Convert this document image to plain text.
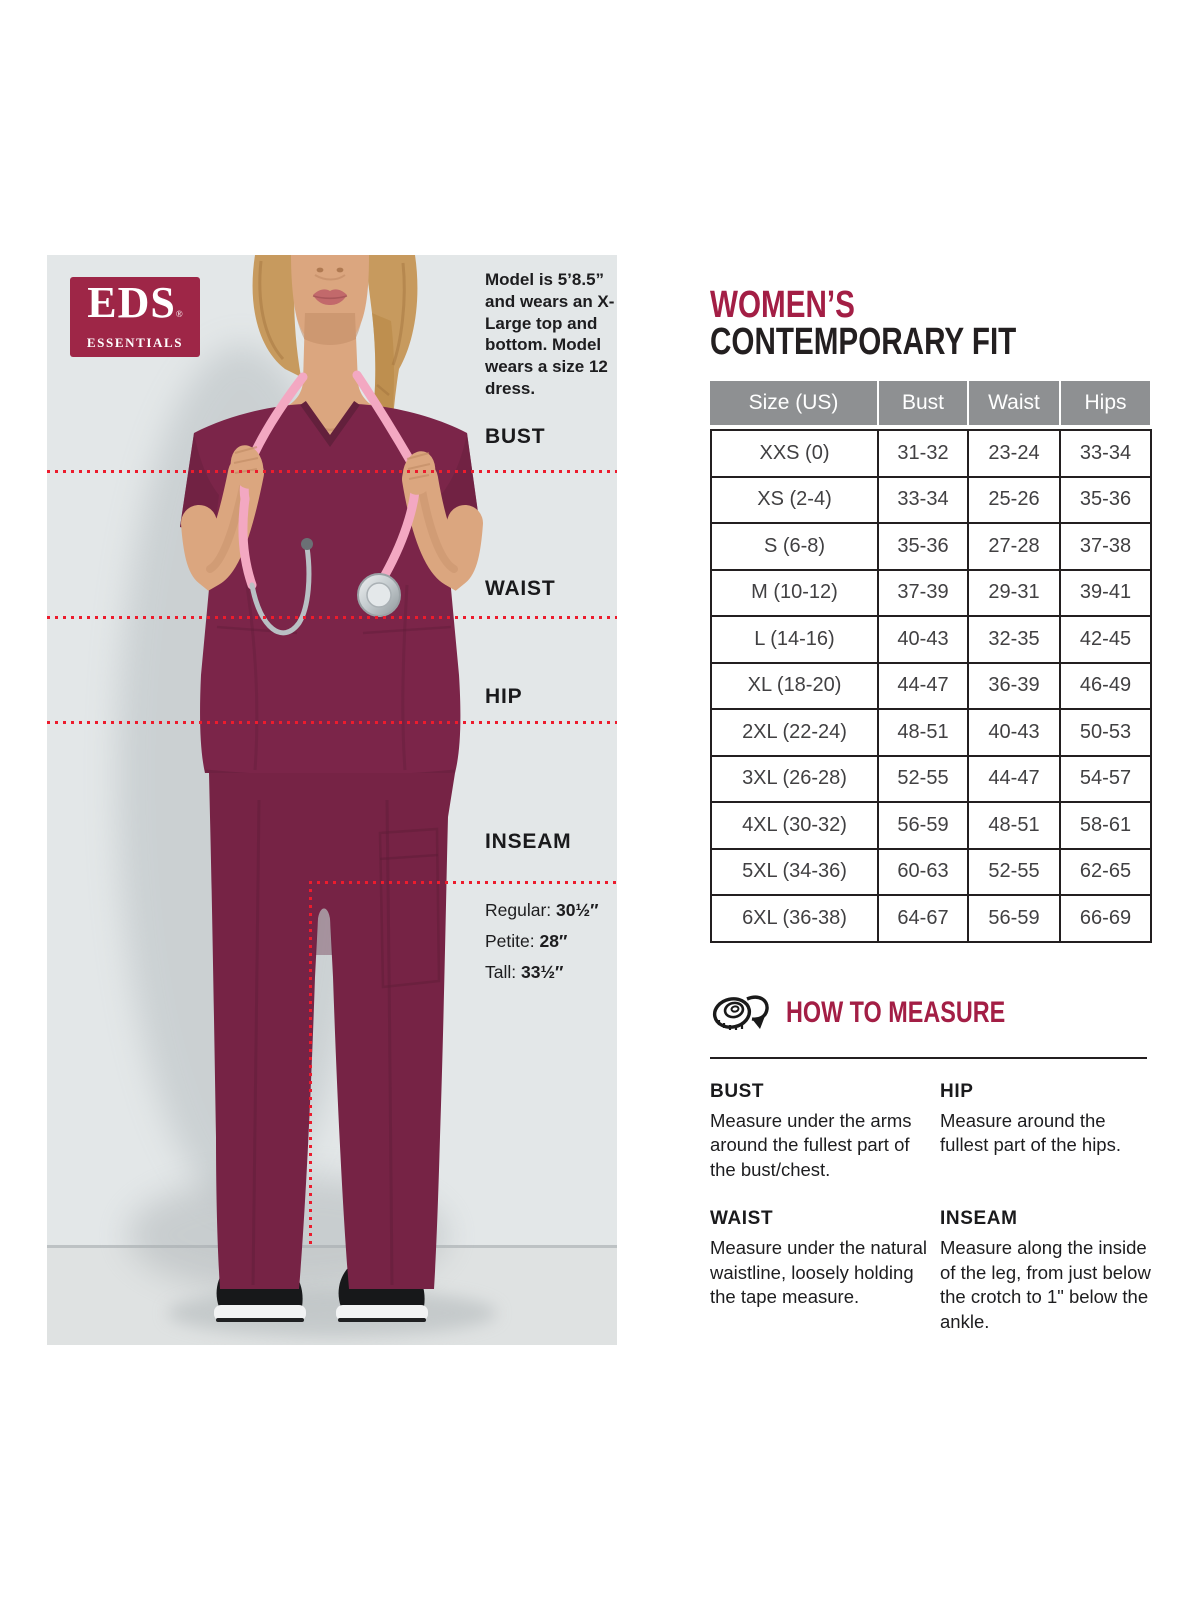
EDS®
ESSENTIALS

Model is 5’8.5” and wears an X-Large top and bottom. Model wears a size 12 dress.

BUST
WAIST
HIP
INSEAM
Regular: 30½″
Petite: 28″
Tall: 33½″
WOMEN’S
CONTEMPORARY FIT
Size (US)	Bust	Waist	Hips
XXS (0)	31-32	23-24	33-34
XS (2-4)	33-34	25-26	35-36
S (6-8)	35-36	27-28	37-38
M (10-12)	37-39	29-31	39-41
L (14-16)	40-43	32-35	42-45
XL (18-20)	44-47	36-39	46-49
2XL (22-24)	48-51	40-43	50-53
3XL (26-28)	52-55	44-47	54-57
4XL (30-32)	56-59	48-51	58-61
5XL (34-36)	60-63	52-55	62-65
6XL (36-38)	64-67	56-59	66-69
HOW TO MEASURE
BUST

Measure under the arms around the fullest part of the bust/chest.

HIP

Measure around the fullest part of the hips.

WAIST

Measure under the natural waistline, loosely holding the tape measure.

INSEAM

Measure along the inside of the leg, from just below the crotch to 1" below the ankle.
